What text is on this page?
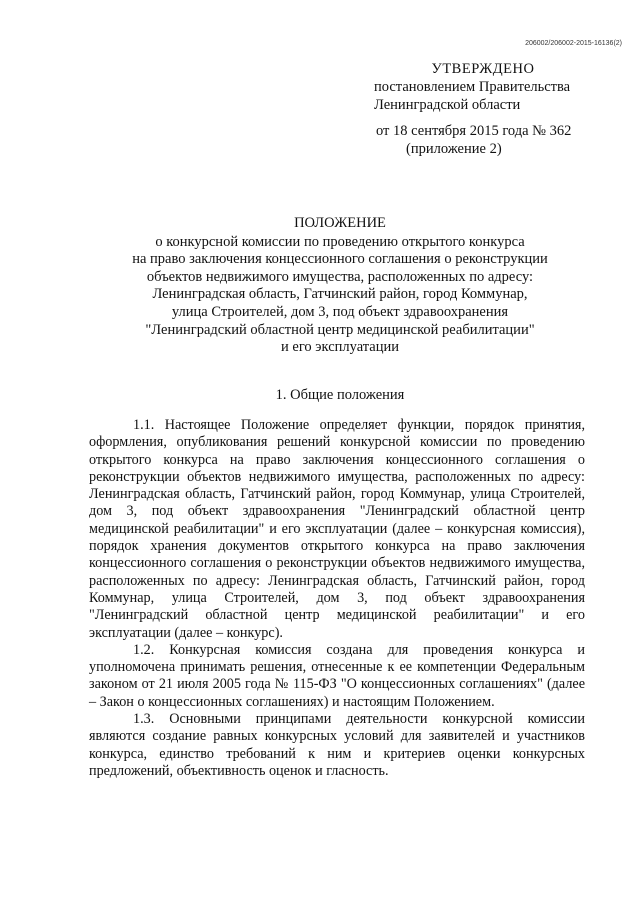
206002/206002-2015-16136(2)
УТВЕРЖДЕНО
постановлением Правительства
Ленинградской области
от 18 сентября 2015 года № 362
(приложение 2)
ПОЛОЖЕНИЕ
о конкурсной комиссии по проведению открытого конкурса
на право заключения концессионного соглашения о реконструкции
объектов недвижимого имущества, расположенных по адресу:
Ленинградская область, Гатчинский район, город Коммунар,
улица Строителей, дом 3, под объект здравоохранения
"Ленинградский областной центр медицинской реабилитации"
и его эксплуатации
1. Общие положения

1.1. Настоящее Положение определяет функции, порядок принятия, оформления, опубликования решений конкурсной комиссии по проведению открытого конкурса на право заключения концессионного соглашения о реконструкции объектов недвижимого имущества, расположенных по адресу: Ленинградская область, Гатчинский район, город Коммунар, улица Строителей, дом 3, под объект здравоохранения "Ленинградский областной центр медицинской реабилитации" и его эксплуатации (далее – конкурсная комиссия), порядок хранения документов открытого конкурса на право заключения концессионного соглашения о реконструкции объектов недвижимого имущества, расположенных по адресу: Ленинградская область, Гатчинский район, город Коммунар, улица Строителей, дом 3, под объект здравоохранения "Ленинградский областной центр медицинской реабилитации" и его эксплуатации (далее – конкурс).

1.2. Конкурсная комиссия создана для проведения конкурса и уполномочена принимать решения, отнесенные к ее компетенции Федеральным законом от 21 июля 2005 года № 115-ФЗ "О концессионных соглашениях" (далее – Закон о концессионных соглашениях) и настоящим Положением.

1.3. Основными принципами деятельности конкурсной комиссии являются создание равных конкурсных условий для заявителей и участников конкурса, единство требований к ним и критериев оценки конкурсных предложений, объективность оценок и гласность.
